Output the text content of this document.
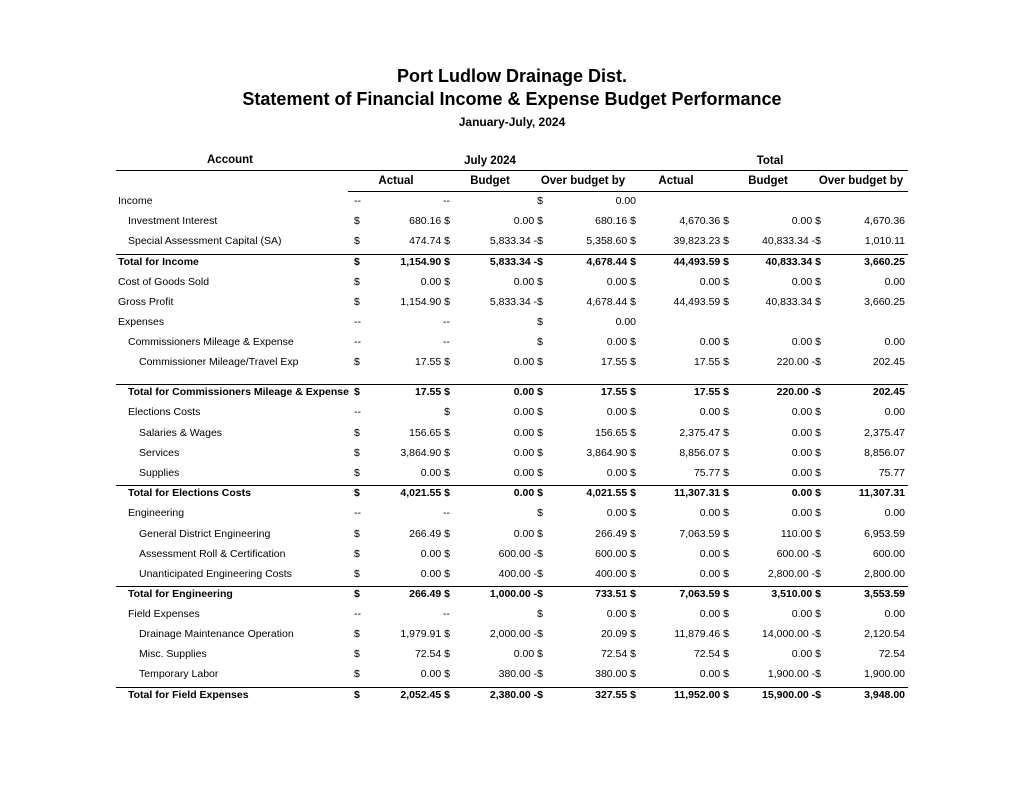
Port Ludlow Drainage Dist.
Statement of Financial Income & Expense Budget Performance
January-July, 2024
Account	July 2024	Total
Actual	Budget	Over budget by	Actual	Budget	Over budget by
Income	--	--	$	0.00
Investment Interest	$	680.16 $	0.00 $	680.16 $	4,670.36 $	0.00 $	4,670.36
Special Assessment Capital (SA)	$	474.74 $	5,833.34 -$	5,358.60 $	39,823.23 $	40,833.34 -$	1,010.11
Total for Income	$	1,154.90 $	5,833.34 -$	4,678.44 $	44,493.59 $	40,833.34 $	3,660.25
Cost of Goods Sold	$	0.00 $	0.00 $	0.00 $	0.00 $	0.00 $	0.00
Gross Profit	$	1,154.90 $	5,833.34 -$	4,678.44 $	44,493.59 $	40,833.34 $	3,660.25
Expenses	--	--	$	0.00
Commissioners Mileage & Expense	--	--	$	0.00 $	0.00 $	0.00 $	0.00
Commissioner Mileage/Travel Exp	$	17.55 $	0.00 $	17.55 $	17.55 $	220.00 -$	202.45
Total for Commissioners Mileage & Expense $	17.55 $	0.00 $	17.55 $	17.55 $	220.00 -$	202.45
Elections Costs	--	$	0.00 $	0.00 $	0.00 $	0.00 $	0.00
Salaries & Wages	$	156.65 $	0.00 $	156.65 $	2,375.47 $	0.00 $	2,375.47
Services	$	3,864.90 $	0.00 $	3,864.90 $	8,856.07 $	0.00 $	8,856.07
Supplies	$	0.00 $	0.00 $	0.00 $	75.77 $	0.00 $	75.77
Total for Elections Costs	$	4,021.55 $	0.00 $	4,021.55 $	11,307.31 $	0.00 $	11,307.31
Engineering	--	--	$	0.00 $	0.00 $	0.00 $	0.00
General District Engineering	$	266.49 $	0.00 $	266.49 $	7,063.59 $	110.00 $	6,953.59
Assessment Roll & Certification	$	0.00 $	600.00 -$	600.00 $	0.00 $	600.00 -$	600.00
Unanticipated Engineering Costs	$	0.00 $	400.00 -$	400.00 $	0.00 $	2,800.00 -$	2,800.00
Total for Engineering	$	266.49 $	1,000.00 -$	733.51 $	7,063.59 $	3,510.00 $	3,553.59
Field Expenses	--	--	$	0.00 $	0.00 $	0.00 $	0.00
Drainage Maintenance Operation	$	1,979.91 $	2,000.00 -$	20.09 $	11,879.46 $	14,000.00 -$	2,120.54
Misc. Supplies	$	72.54 $	0.00 $	72.54 $	72.54 $	0.00 $	72.54
Temporary Labor	$	0.00 $	380.00 -$	380.00 $	0.00 $	1,900.00 -$	1,900.00
Total for Field Expenses	$	2,052.45 $	2,380.00 -$	327.55 $	11,952.00 $	15,900.00 -$	3,948.00
